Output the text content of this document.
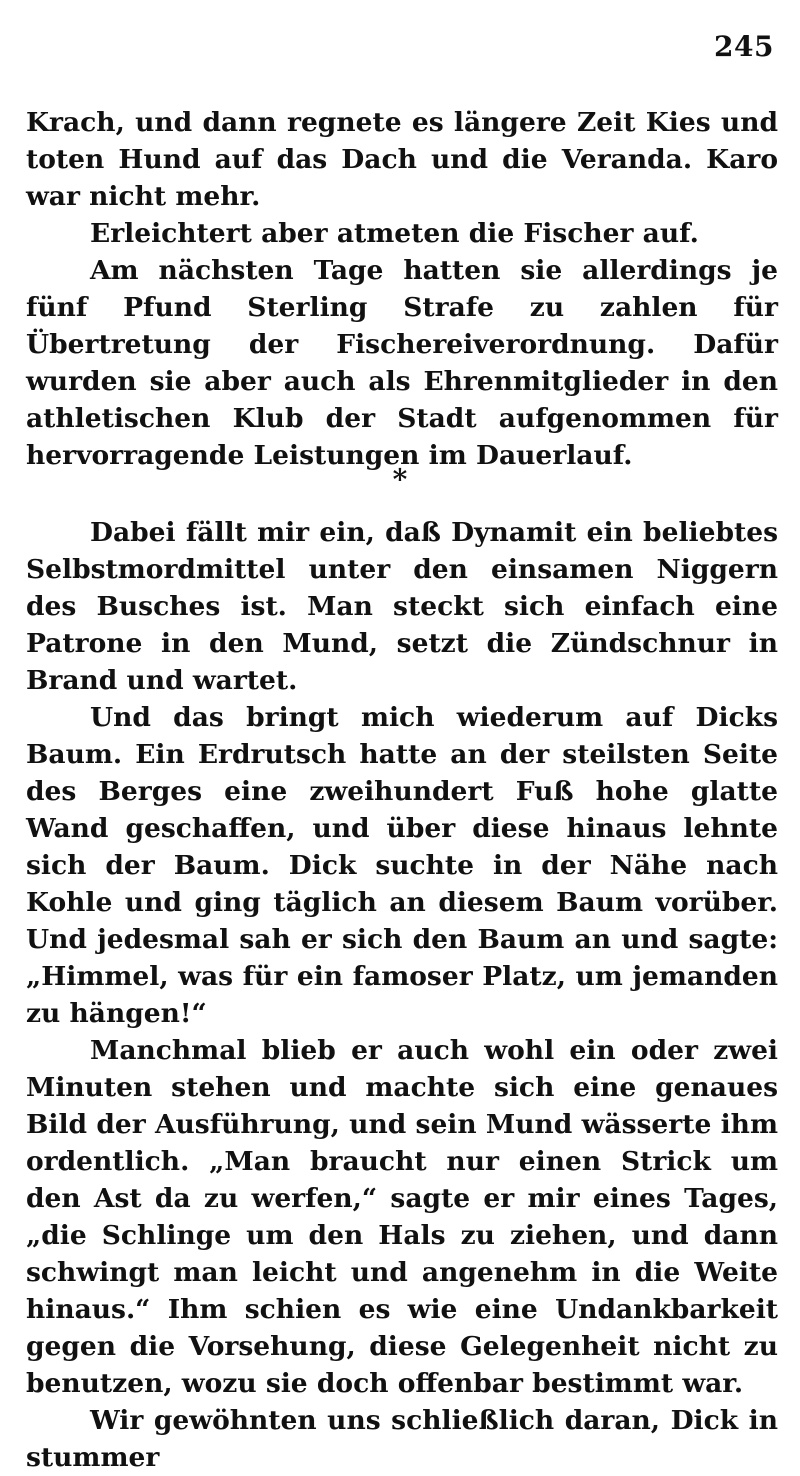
245

Krach, und dann regnete es längere Zeit Kies und toten Hund auf das Dach und die Veranda. Karo war nicht mehr.

Erleichtert aber atmeten die Fischer auf.

Am nächsten Tage hatten sie allerdings je fünf Pfund Sterling Strafe zu zahlen für Übertretung der Fischereiverordnung. Dafür wurden sie aber auch als Ehrenmitglieder in den athletischen Klub der Stadt aufgenommen für hervorragende Leistungen im Dauerlauf.

*

Dabei fällt mir ein, daß Dynamit ein beliebtes Selbstmordmittel unter den einsamen Niggern des Busches ist. Man steckt sich einfach eine Patrone in den Mund, setzt die Zündschnur in Brand und wartet.

Und das bringt mich wiederum auf Dicks Baum. Ein Erdrutsch hatte an der steilsten Seite des Berges eine zweihundert Fuß hohe glatte Wand geschaffen, und über diese hinaus lehnte sich der Baum. Dick suchte in der Nähe nach Kohle und ging täglich an diesem Baum vorüber. Und jedesmal sah er sich den Baum an und sagte: „Himmel, was für ein famoser Platz, um jemanden zu hängen!“

Manchmal blieb er auch wohl ein oder zwei Minuten stehen und machte sich eine genaues Bild der Ausführung, und sein Mund wässerte ihm ordentlich. „Man braucht nur einen Strick um den Ast da zu werfen,“ sagte er mir eines Tages, „die Schlinge um den Hals zu ziehen, und dann schwingt man leicht und angenehm in die Weite hinaus.“ Ihm schien es wie eine Undankbarkeit gegen die Vorsehung, diese Gelegenheit nicht zu benutzen, wozu sie doch offenbar bestimmt war.

Wir gewöhnten uns schließlich daran, Dick in stummer
